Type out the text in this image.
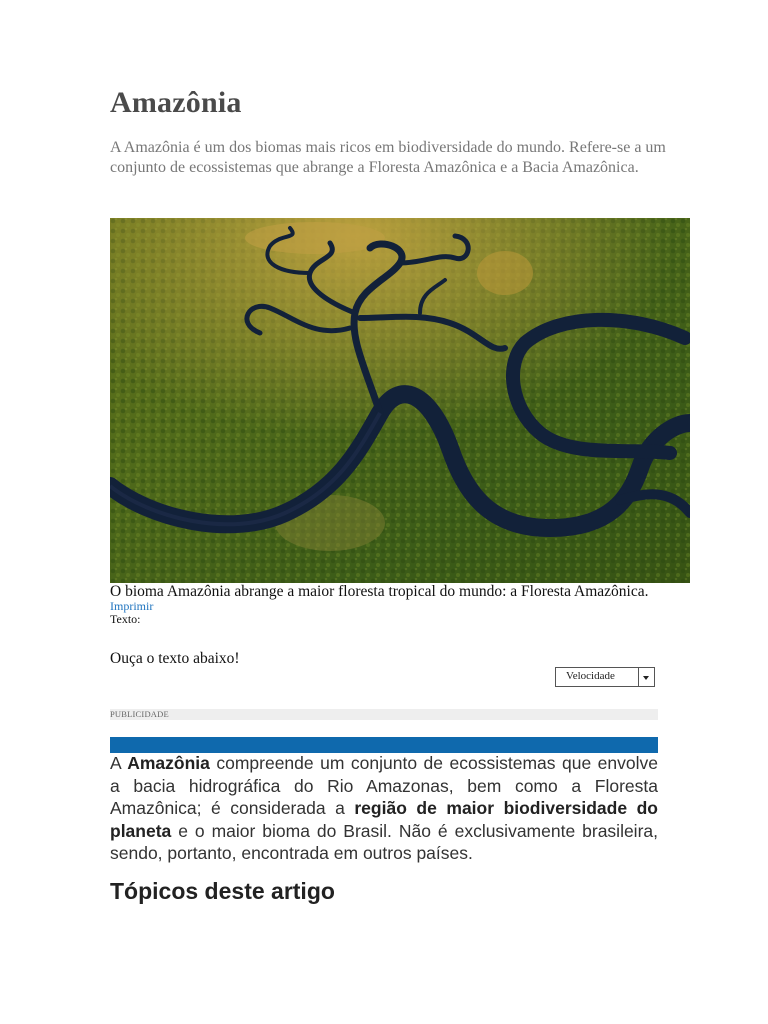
Amazônia

A Amazônia é um dos biomas mais ricos em biodiversidade do mundo. Refere-se a um conjunto de ecossistemas que abrange a Floresta Amazônica e a Bacia Amazônica.

O bioma Amazônia abrange a maior floresta tropical do mundo: a Floresta Amazônica.
Imprimir
Texto:
Ouça o texto abaixo!
Velocidade
PUBLICIDADE

A Amazônia compreende um conjunto de ecossistemas que envolve a bacia hidrográfica do Rio Amazonas, bem como a Floresta Amazônica; é considerada a região de maior biodiversidade do planeta e o maior bioma do Brasil. Não é exclusivamente brasileira, sendo, portanto, encontrada em outros países.

Tópicos deste artigo
